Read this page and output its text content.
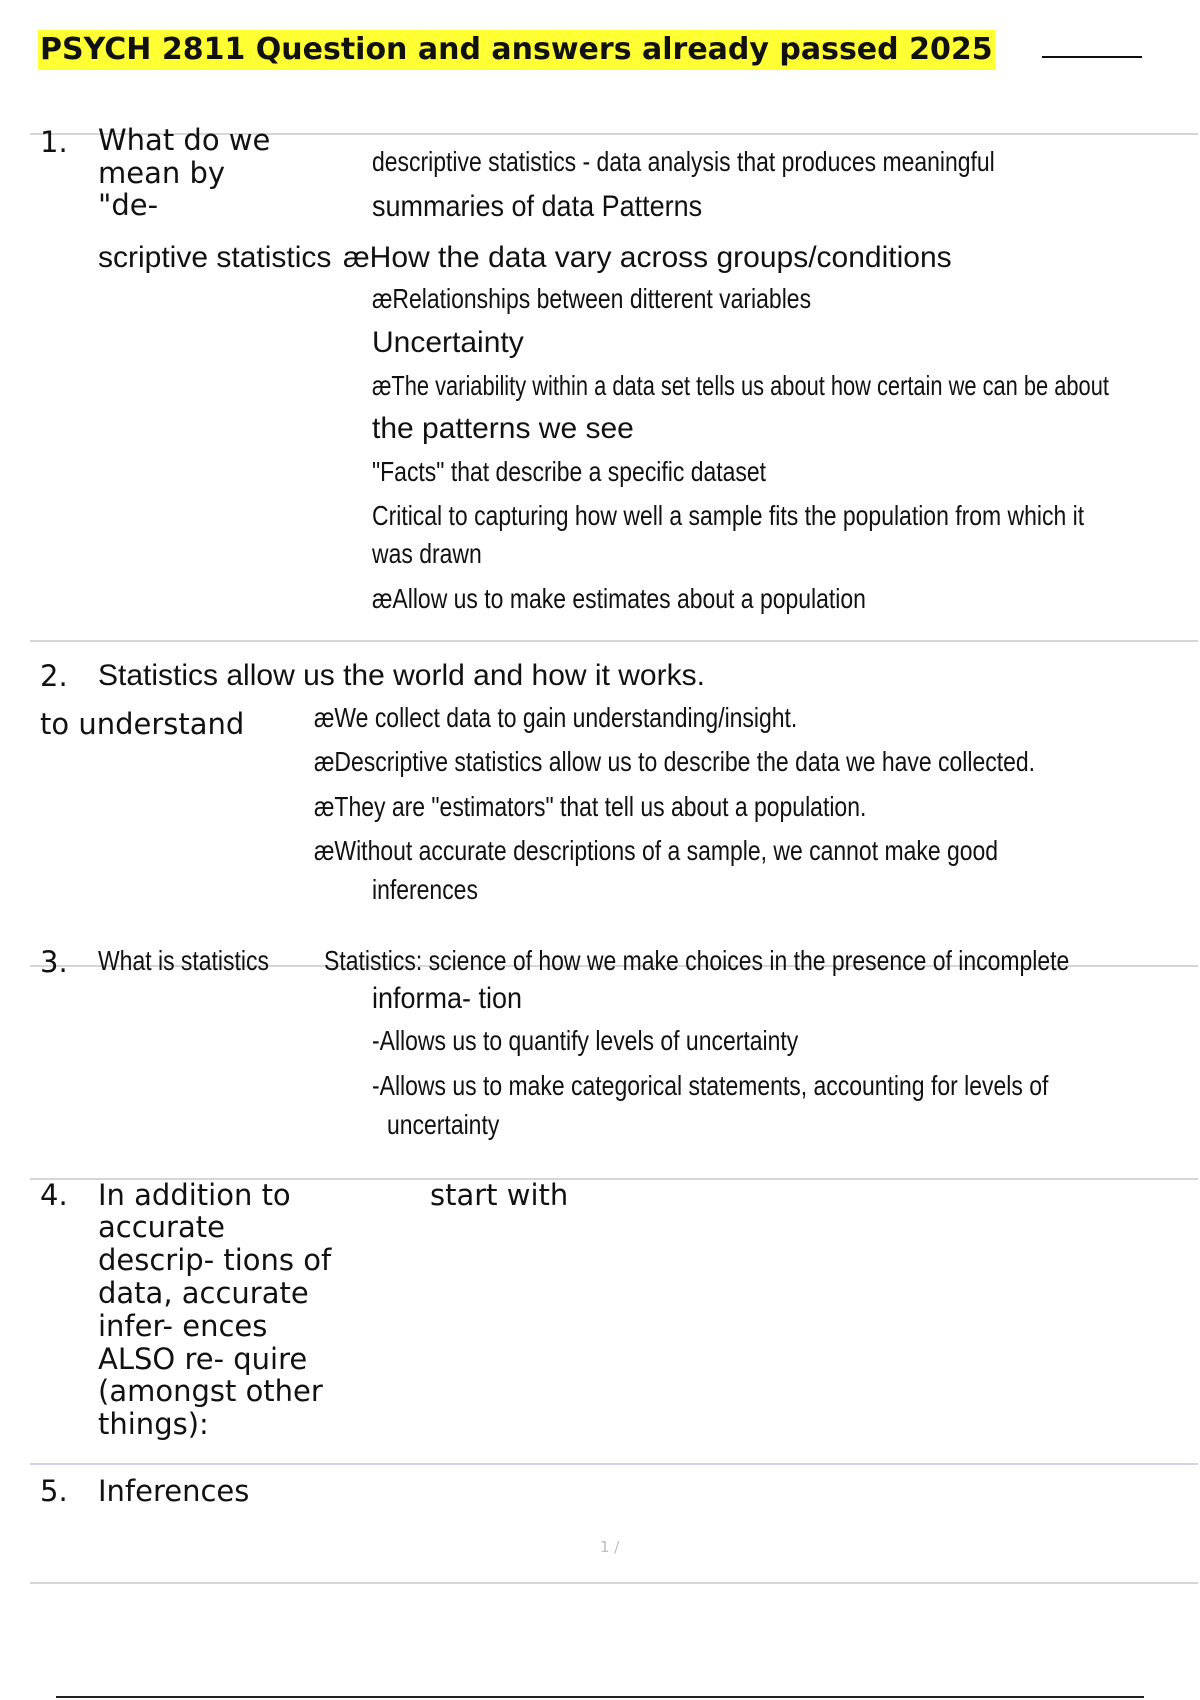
PSYCH 2811 Question and answers already passed 2025
1. What do we
mean by
"de-
scriptive statistics
descriptive statistics - data analysis that produces meaningful
summaries of data Patterns
æHow the data vary across groups/conditions
æRelationships between ditterent variables
Uncertainty
æThe variability within a data set tells us about how certain we can be about
the patterns we see
"Facts" that describe a specific dataset
Critical to capturing how well a sample fits the population from which it
was drawn
æAllow us to make estimates about a population
2. Statistics allow us the world and how it works.
to understand æWe collect data to gain understanding/insight.
æDescriptive statistics allow us to describe the data we have collected.
æThey are "estimators" that tell us about a population.
æWithout accurate descriptions of a sample, we cannot make good
inferences
3. What is statistics Statistics: science of how we make choices in the presence of incomplete
informa- tion
-Allows us to quantify levels of uncertainty
-Allows us to make categorical statements, accounting for levels of
uncertainty
4. In addition to
accurate
descrip- tions of
data, accurate
infer- ences
ALSO re- quire
(amongst other
things):
start with
5. Inferences
1 /
